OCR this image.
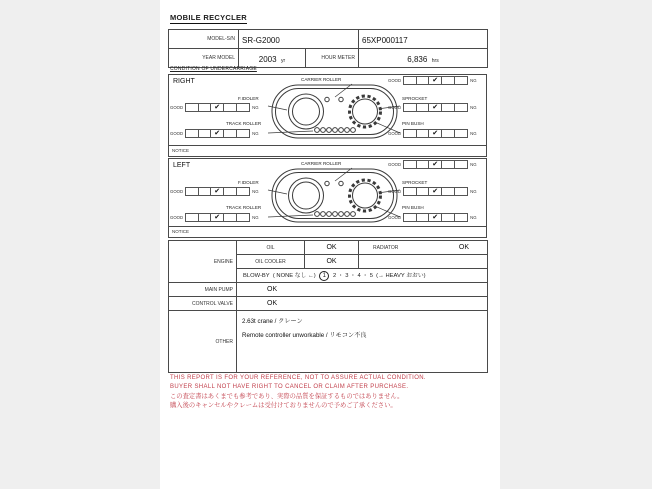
MOBILE RECYCLER
MODEL-S/N	SR-G2000		65XP000117
YEAR MODEL	2003 yr	HOUR METER	6,836 hrs
CONDITION OF UNDERCARRIAGE
RIGHT	CARRIER ROLLER	GOOD	✔	NG
F.IDOLER
GOOD	✔	NG
SPROCKET
GOOD	✔	NG
TRACK ROLLER
GOOD	✔	NG
PIN BUSH
GOOD	✔	NG
NOTICE
LEFT	CARRIER ROLLER	GOOD	✔	NG
F.IDOLER
GOOD	✔	NG
SPROCKET
GOOD	✔	NG
TRACK ROLLER
GOOD	✔	NG
PIN BUSH
GOOD	✔	NG
NOTICE
ENGINE	OIL	OK	RADIATOR OK

	OIL COOLER	OK	
	BLOW-BY ( NONE なし ←) 1 2 ・ 3 ・ 4 ・ 5 (→ HEAVY おおい)		
MAIN PUMP	OK		
CONTROL VALVE	OK		
OTHER	2.63t crane / クレーン
Remote controller unworkable / リモコン不良		
THIS REPORT IS FOR YOUR REFERENCE, NOT TO ASSURE ACTUAL CONDITION.
BUYER SHALL NOT HAVE RIGHT TO CANCEL OR CLAIM AFTER PURCHASE.
この査定書はあくまでも参考であり、実際の品質を保証するものではありません。
購入後のキャンセルやクレームは受付けておりませんので予めご了承ください。
